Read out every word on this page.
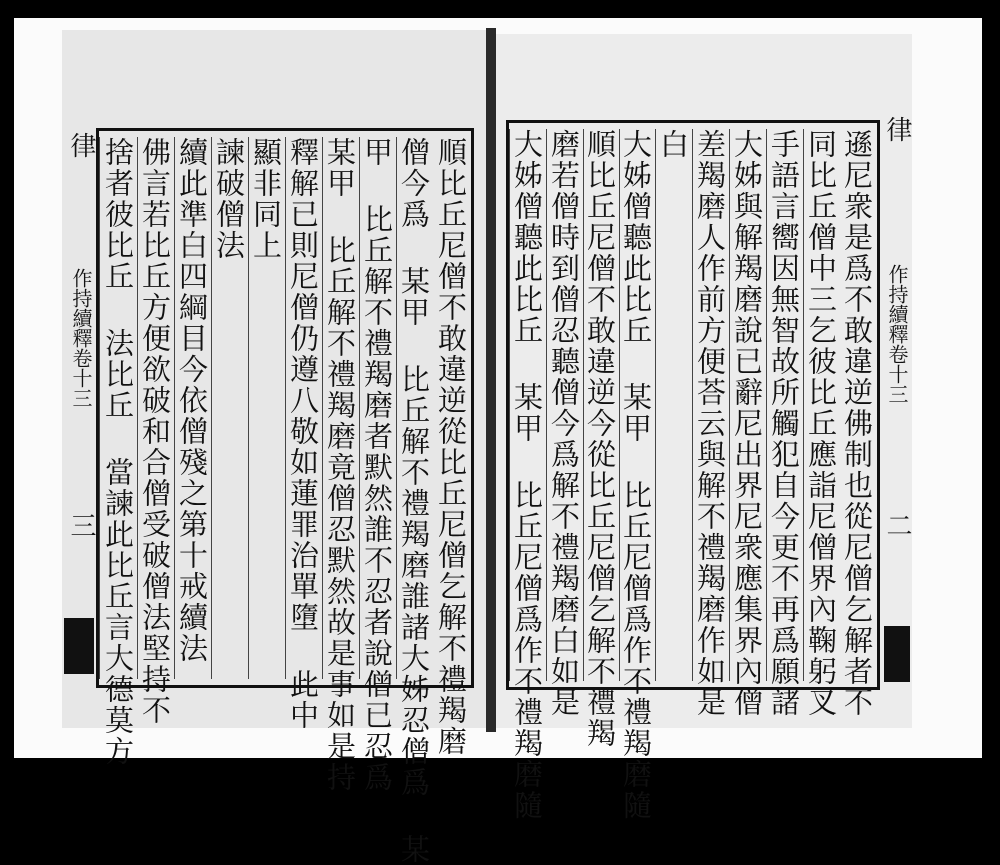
律
作持續釋卷十三
三
律
作持續釋卷十三
二
順比丘尼僧不敢違逆從比丘尼僧乞解不禮羯磨
僧今爲 某甲 比丘解不禮羯磨誰諸大姊忍僧爲 某
甲 比丘解不禮羯磨者默然誰不忍者說僧已忍爲
某甲 比丘解不禮羯磨竟僧忍默然故是事如是持
釋解已則尼僧仍遵八敬如蓮罪治單墮 此中
顯非同上
諫破僧法
續此準白四綱目今依僧殘之第十戒續法
佛言若比丘方便欲破和合僧受破僧法堅持不
捨者彼比丘 法比丘 當諫此比丘言大德莫方	遜尼衆是爲不敢違逆佛制也從尼僧乞解者不
同比丘僧中三乞彼比丘應詣尼僧界內鞠躬叉
手語言嚮因無智故所觸犯自今更不再爲願諸
大姊與解羯磨說已辭尼出界尼衆應集界內僧
差羯磨人作前方便荅云與解不禮羯磨作如是
白
大姊僧聽此比丘 某甲 比丘尼僧爲作不禮羯磨隨
順比丘尼僧不敢違逆今從比丘尼僧乞解不禮羯
磨若僧時到僧忍聽僧今爲解不禮羯磨白如是
大姊僧聽此比丘 某甲 比丘尼僧爲作不禮羯磨隨
